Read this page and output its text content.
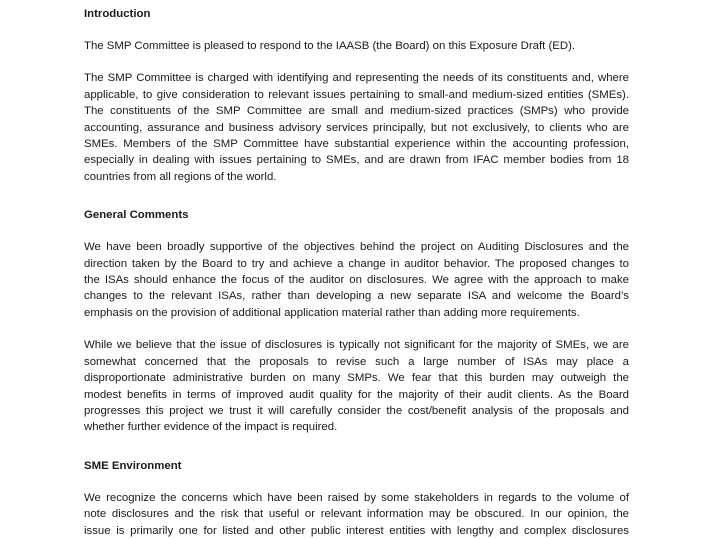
Introduction
The SMP Committee is pleased to respond to the IAASB (the Board) on this Exposure Draft (ED).
The SMP Committee is charged with identifying and representing the needs of its constituents and, where
applicable, to give consideration to relevant issues pertaining to small-and medium-sized entities (SMEs).
The constituents of the SMP Committee are small and medium-sized practices (SMPs) who provide
accounting, assurance and business advisory services principally, but not exclusively, to clients who are
SMEs. Members of the SMP Committee have substantial experience within the accounting profession,
especially in dealing with issues pertaining to SMEs, and are drawn from IFAC member bodies from 18
countries from all regions of the world.
General Comments
We have been broadly supportive of the objectives behind the project on Auditing Disclosures and the
direction taken by the Board to try and achieve a change in auditor behavior. The proposed changes to
the ISAs should enhance the focus of the auditor on disclosures. We agree with the approach to make
changes to the relevant ISAs, rather than developing a new separate ISA and welcome the Board’s
emphasis on the provision of additional application material rather than adding more requirements.
While we believe that the issue of disclosures is typically not significant for the majority of SMEs, we are
somewhat concerned that the proposals to revise such a large number of ISAs may place a
disproportionate administrative burden on many SMPs. We fear that this burden may outweigh the
modest benefits in terms of improved audit quality for the majority of their audit clients. As the Board
progresses this project we trust it will carefully consider the cost/benefit analysis of the proposals and
whether further evidence of the impact is required.
SME Environment
We recognize the concerns which have been raised by some stakeholders in regards to the volume of
note disclosures and the risk that useful or relevant information may be obscured. In our opinion, the
issue is primarily one for listed and other public interest entities with lengthy and complex disclosures
